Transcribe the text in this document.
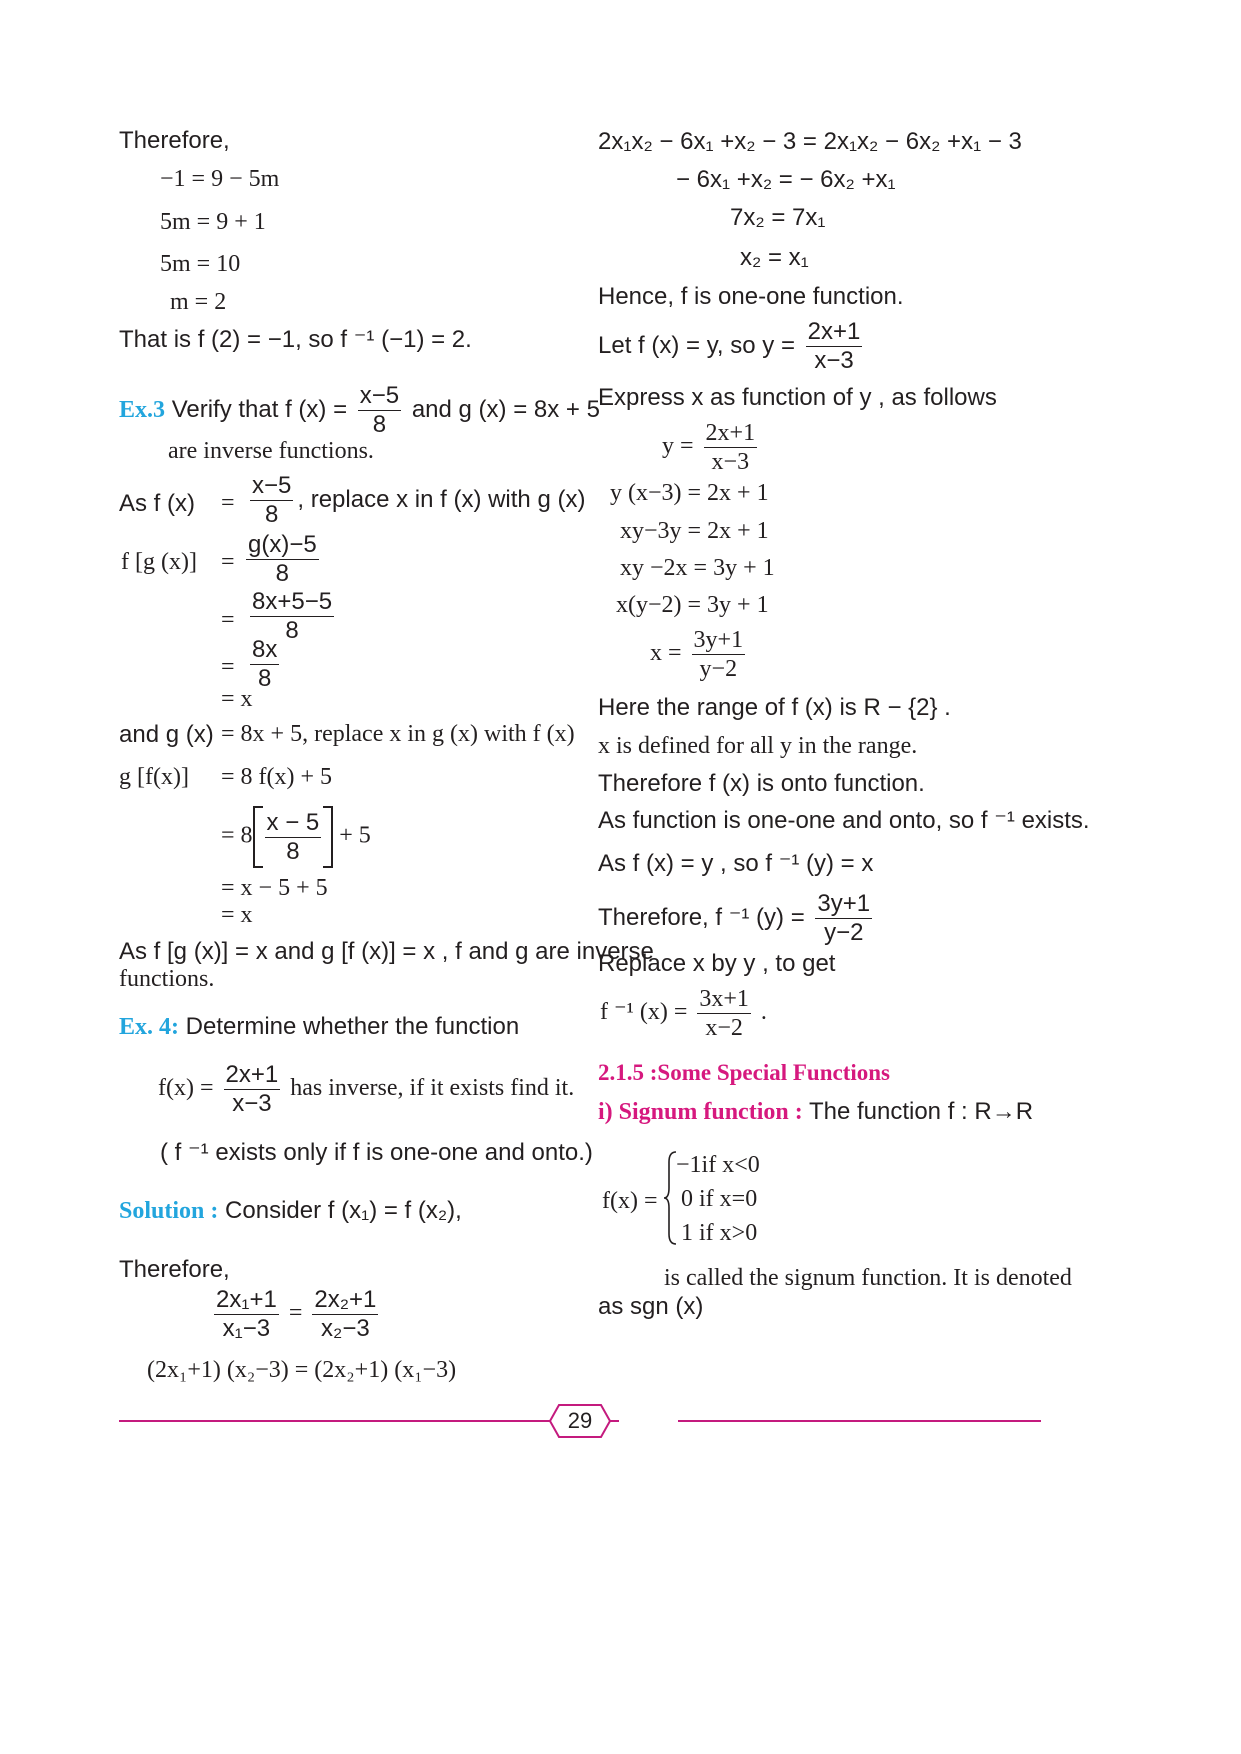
Therefore,
−1 = 9 − 5m
5m = 9 + 1
5m = 10
m = 2
That is f (2) = −1, so f ⁻¹ (−1) = 2.
Ex.3 Verify that f $(x) = \frac{x-5}{8}$ and g (x) = 8x + 5
are inverse functions.
As f $(x) = \frac{x-5}{8}$ , replace x in f (x) with g (x)
f [g $(x)] = \frac{g(x)-5}{8}$
= $\frac{8x+5-5}{8}$
= $\frac{8x}{8}$
= x
and g (x) = 8x + 5, replace x in g (x) with f (x)
g [f(x)] = 8 f(x) + 5
= $8 \frac{x - 5}{8} + 5$
= x − 5 + 5
= x
As f [g (x)] = x and g [f (x)] = x , f and g are inverse
functions.
Ex. 4: Determine whether the function
$f(x) = \frac{2x+1}{x-3}$ has inverse, if it exists find it.
( f ⁻¹ exists only if f is one-one and onto.)
Solution : Consider f (x₁) = f (x₂),
Therefore,
$\frac{\text{2x₁+1}}{\text{x₁−3}} = \frac{\text{2x₂+1}}{\text{x₂−3}}$
(2x₁+1) (x₂−3) = (2x₂+1) (x₁−3)
2x₁x₂ − 6x₁ +x₂ − 3 = 2x₁x₂ − 6x₂ +x₁ − 3
− 6x₁ +x₂ = − 6x₂ +x₁
7x₂ = 7x₁
x₂ = x₁
Hence, f is one-one function.
Let f (x) = y, so $y = \frac{2x+1}{x-3}$
Express x as function of y , as follows
$y = \frac{2x+1}{x-3}$
y (x−3) = 2x + 1
xy−3y = 2x + 1
xy −2x = 3y + 1
x(y−2) = 3y + 1
$x = \frac{3y+1}{y-2}$
Here the range of f (x) is R − {2} .
x is defined for all y in the range.
Therefore f (x) is onto function.
As function is one-one and onto, so f ⁻¹ exists.
As f (x) = y , so f ⁻¹ (y) = x
Therefore, f ⁻¹ $(y) = \frac{3y+1}{y-2}$
Replace x by y , to get
f ⁻¹ $(x) = \frac{3x+1}{x-2}$ .
2.1.5 :Some Special Functions
i) Signum function : The function f : R→R
f(x) =
−1if x<0
0 if x=0
1 if x>0
is called the signum function. It is denoted
as sgn (x)
29
